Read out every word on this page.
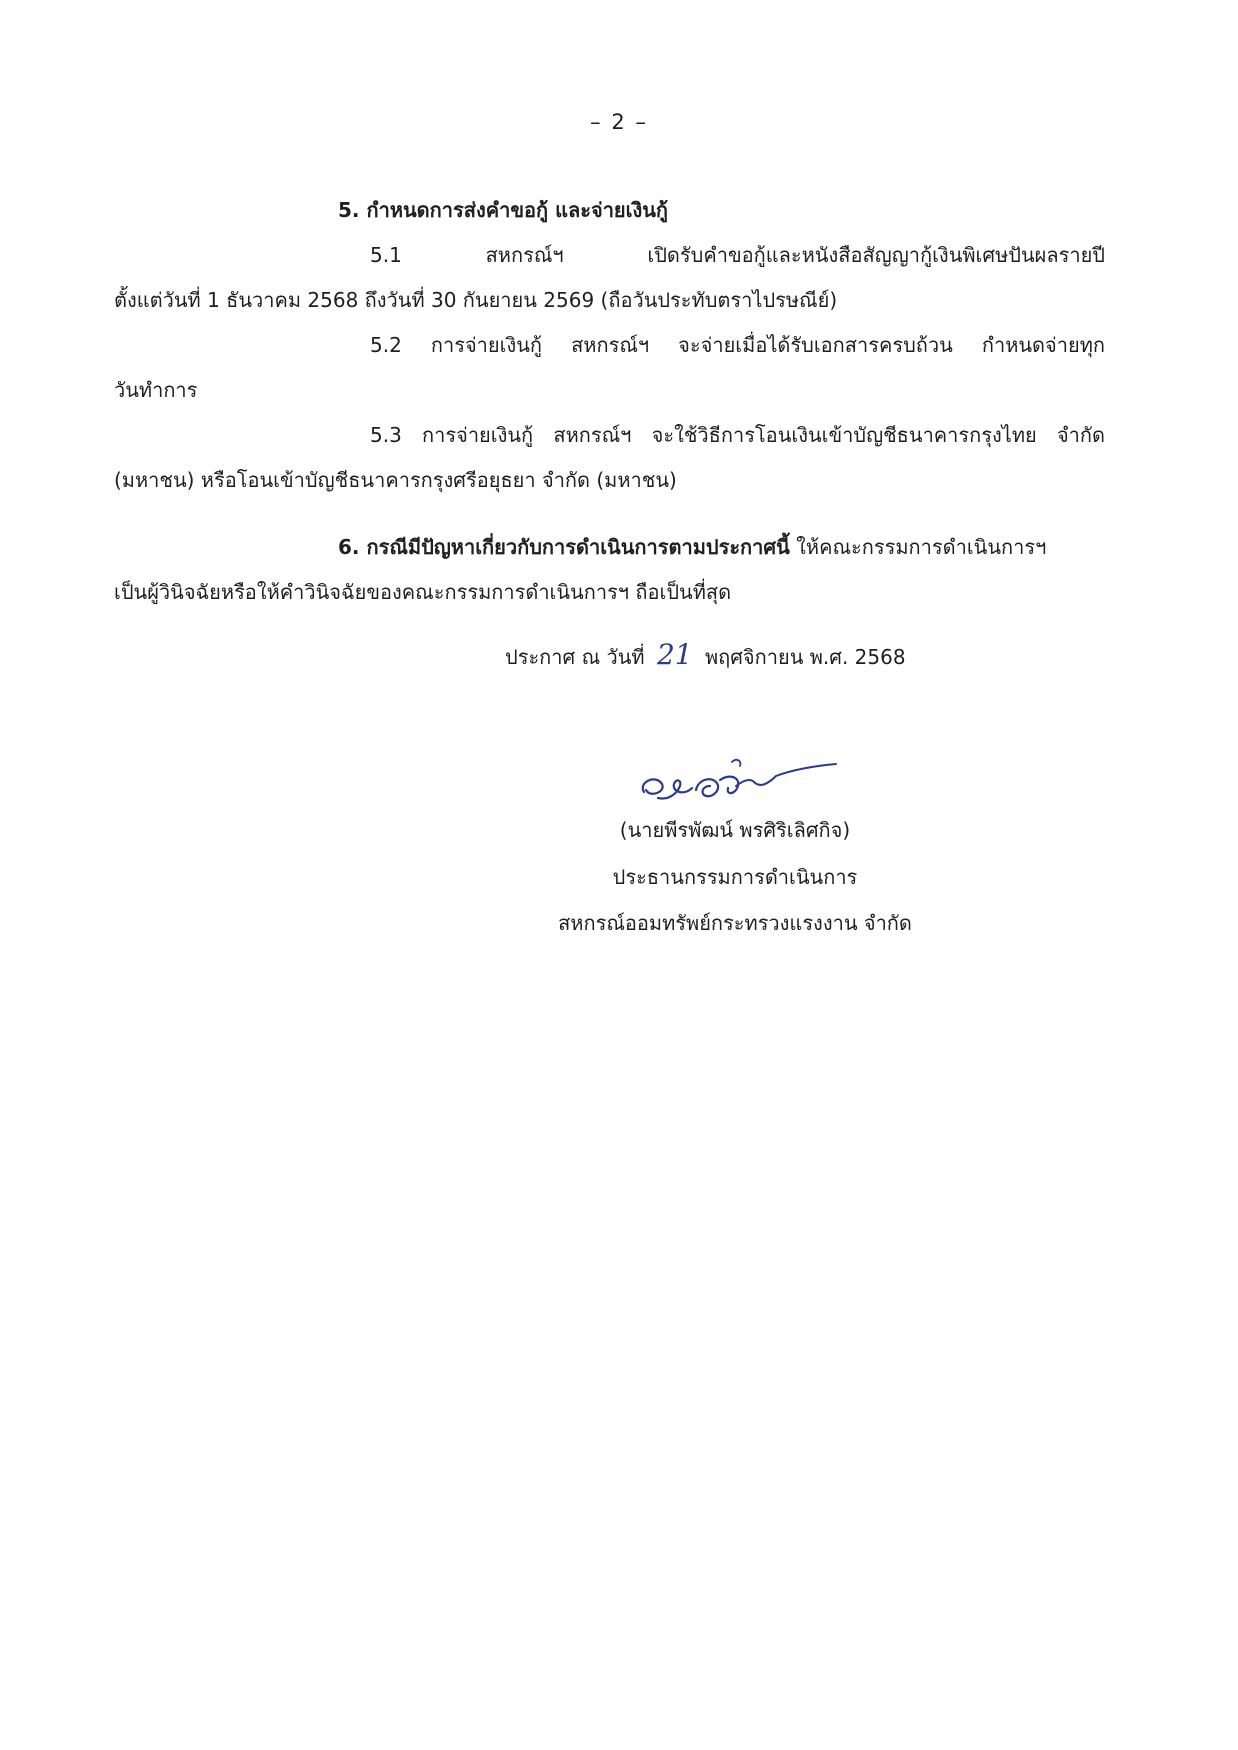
– 2 –
5. กำหนดการส่งคำขอกู้ และจ่ายเงินกู้
5.1 สหกรณ์ฯ เปิดรับคำขอกู้และหนังสือสัญญากู้เงินพิเศษปันผลรายปี
ตั้งแต่วันที่ 1 ธันวาคม 2568 ถึงวันที่ 30 กันยายน 2569 (ถือวันประทับตราไปรษณีย์)
5.2 การจ่ายเงินกู้ สหกรณ์ฯ จะจ่ายเมื่อได้รับเอกสารครบถ้วน กำหนดจ่ายทุก
วันทำการ
5.3 การจ่ายเงินกู้ สหกรณ์ฯ จะใช้วิธีการโอนเงินเข้าบัญชีธนาคารกรุงไทย จำกัด
(มหาชน) หรือโอนเข้าบัญชีธนาคารกรุงศรีอยุธยา จำกัด (มหาชน)
6. กรณีมีปัญหาเกี่ยวกับการดำเนินการตามประกาศนี้ ให้คณะกรรมการดำเนินการฯ
เป็นผู้วินิจฉัยหรือให้คำวินิจฉัยของคณะกรรมการดำเนินการฯ ถือเป็นที่สุด
ประกาศ ณ วันที่ 21 พฤศจิกายน พ.ศ. 2568
(นายพีรพัฒน์ พรศิริเลิศกิจ)
ประธานกรรมการดำเนินการ
สหกรณ์ออมทรัพย์กระทรวงแรงงาน จำกัด
